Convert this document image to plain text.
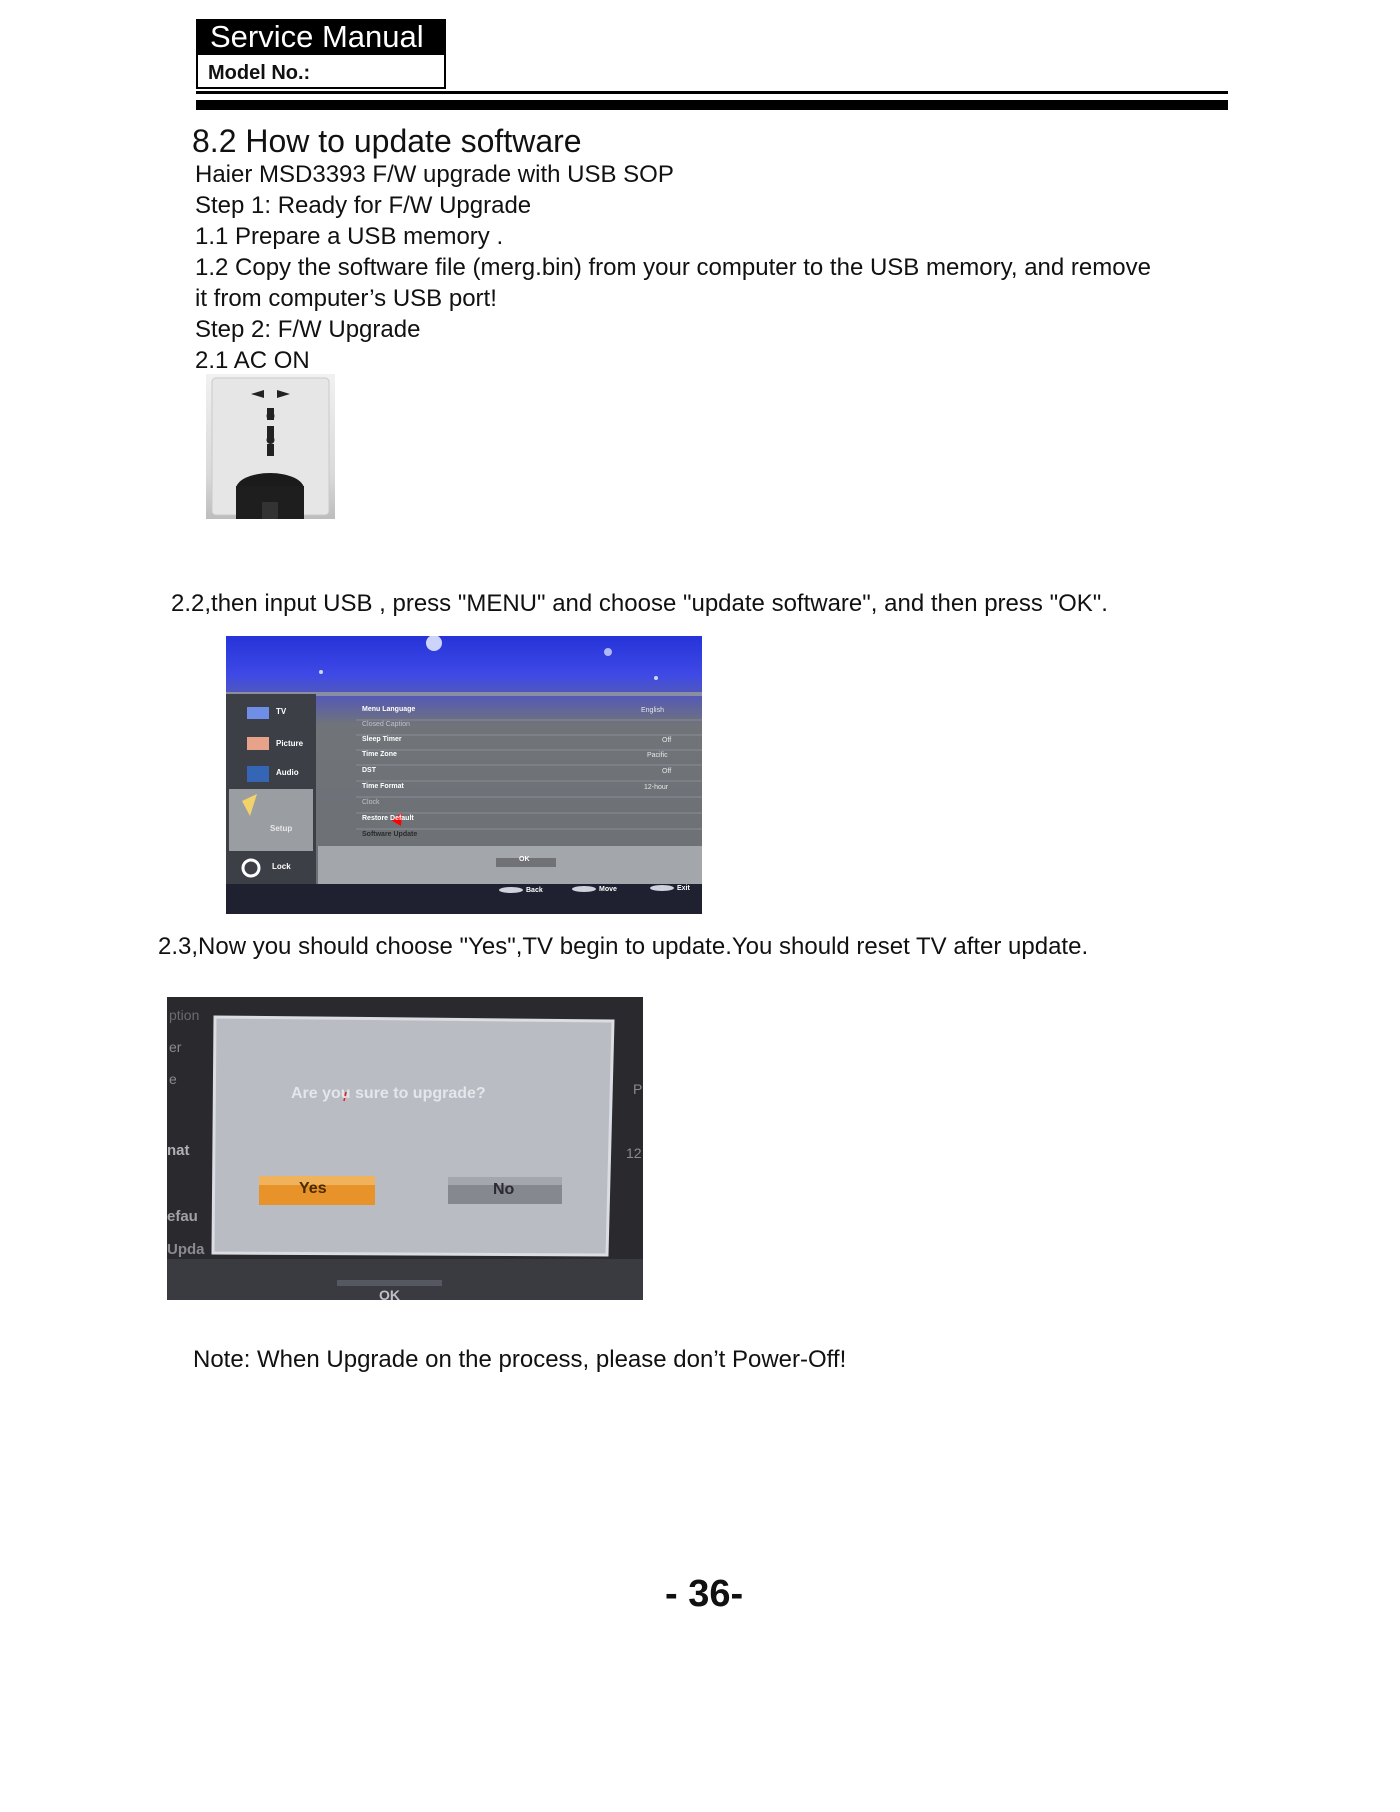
Service Manual
Model No.:
8.2 How to update software
Haier MSD3393 F/W upgrade with USB SOP
Step 1: Ready for F/W Upgrade
1.1 Prepare a USB memory .
1.2 Copy the software file (merg.bin) from your computer to the USB memory, and remove
it from computer’s USB port!
Step 2: F/W Upgrade
2.1 AC ON
2.2,then input USB , press "MENU" and choose "update software", and then press "OK".
TV
Picture
Audio
Setup
Lock
Menu Language
Closed Caption
Sleep Timer
Time Zone
DST
Time Format
Clock
Restore Default
Software Update
English
Off
Pacific
Off
12-hour
OK
Back	Move	Exit
2.3,Now you should choose "Yes",TV begin to update.You should reset TV after update.
Are you sure to upgrade?
Yes	No
ption
er
e
nat
efau
Upda
P
12
OK
Note: When Upgrade on the process, please don’t Power-Off!
- 36-
